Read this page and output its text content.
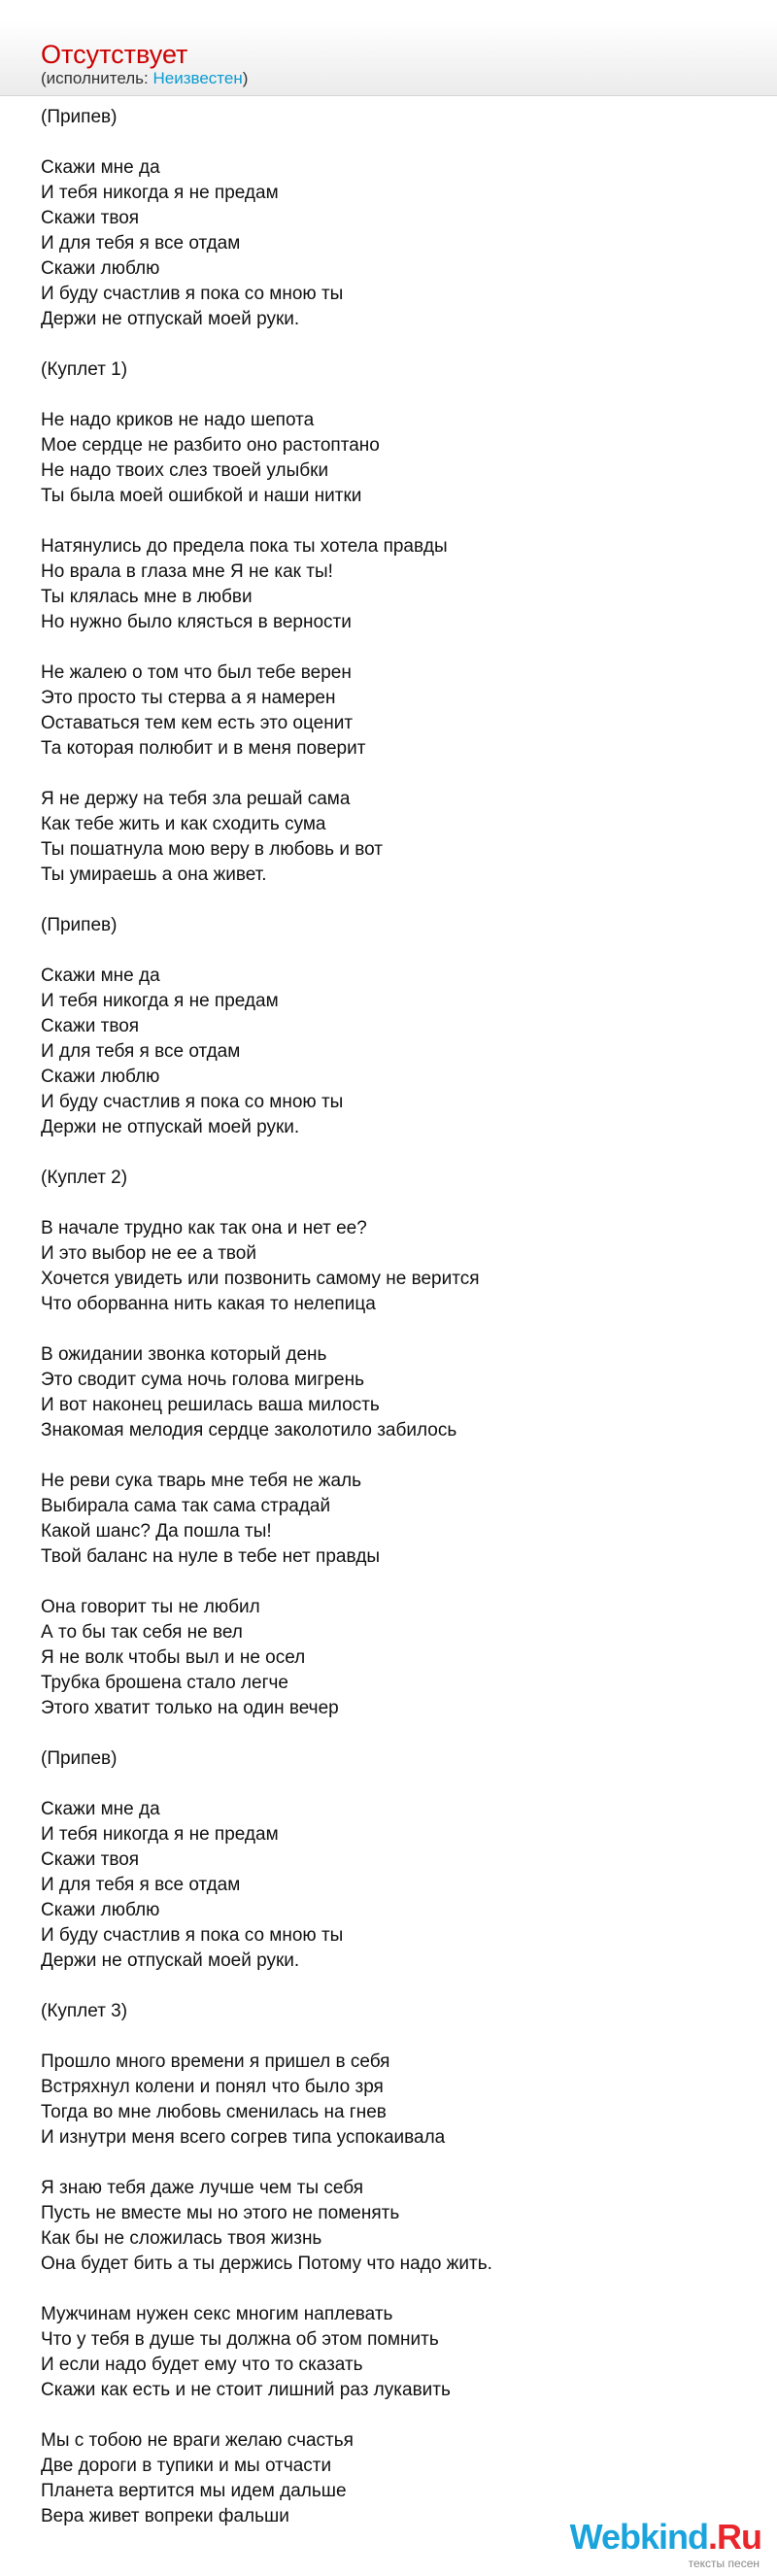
Отсутствует
(исполнитель: Неизвестен)
(Припев)
Скажи мне да
И тебя никогда я не предам
Скажи твоя
И для тебя я все отдам
Скажи люблю
И буду счастлив я пока со мною ты
Держи не отпускай моей руки.
(Куплет 1)
Не надо криков не надо шепота
Мое сердце не разбито оно растоптано
Не надо твоих слез твоей улыбки
Ты была моей ошибкой и наши нитки
Натянулись до предела пока ты хотела правды
Но врала в глаза мне Я не как ты!
Ты клялась мне в любви
Но нужно было клясться в верности
Не жалею о том что был тебе верен
Это просто ты стерва а я намерен
Оставаться тем кем есть это оценит
Та которая полюбит и в меня поверит
Я не держу на тебя зла решай сама
Как тебе жить и как сходить сума
Ты пошатнула мою веру в любовь и вот
Ты умираешь а она живет.
(Припев)
Скажи мне да
И тебя никогда я не предам
Скажи твоя
И для тебя я все отдам
Скажи люблю
И буду счастлив я пока со мною ты
Держи не отпускай моей руки.
(Куплет 2)
В начале трудно как так она и нет ее?
И это выбор не ее а твой
Хочется увидеть или позвонить самому не верится
Что оборванна нить какая то нелепица
В ожидании звонка который день
Это сводит сума ночь голова мигрень
И вот наконец решилась ваша милость
Знакомая мелодия сердце заколотило забилось
Не реви сука тварь мне тебя не жаль
Выбирала сама так сама страдай
Какой шанс? Да пошла ты!
Твой баланс на нуле в тебе нет правды
Она говорит ты не любил
А то бы так себя не вел
Я не волк чтобы выл и не осел
Трубка брошена стало легче
Этого хватит только на один вечер
(Припев)
Скажи мне да
И тебя никогда я не предам
Скажи твоя
И для тебя я все отдам
Скажи люблю
И буду счастлив я пока со мною ты
Держи не отпускай моей руки.
(Куплет 3)
Прошло много времени я пришел в себя
Встряхнул колени и понял что было зря
Тогда во мне любовь сменилась на гнев
И изнутри меня всего согрев типа успокаивала
Я знаю тебя даже лучше чем ты себя
Пусть не вместе мы но этого не поменять
Как бы не сложилась твоя жизнь
Она будет бить а ты держись Потому что надо жить.
Мужчинам нужен секс многим наплевать
Что у тебя в душе ты должна об этом помнить
И если надо будет ему что то сказать
Скажи как есть и не стоит лишний раз лукавить
Мы с тобою не враги желаю счастья
Две дороги в тупики и мы отчасти
Планета вертится мы идем дальше
Вера живет вопреки фальши
Webkind.Ru
тексты песен
